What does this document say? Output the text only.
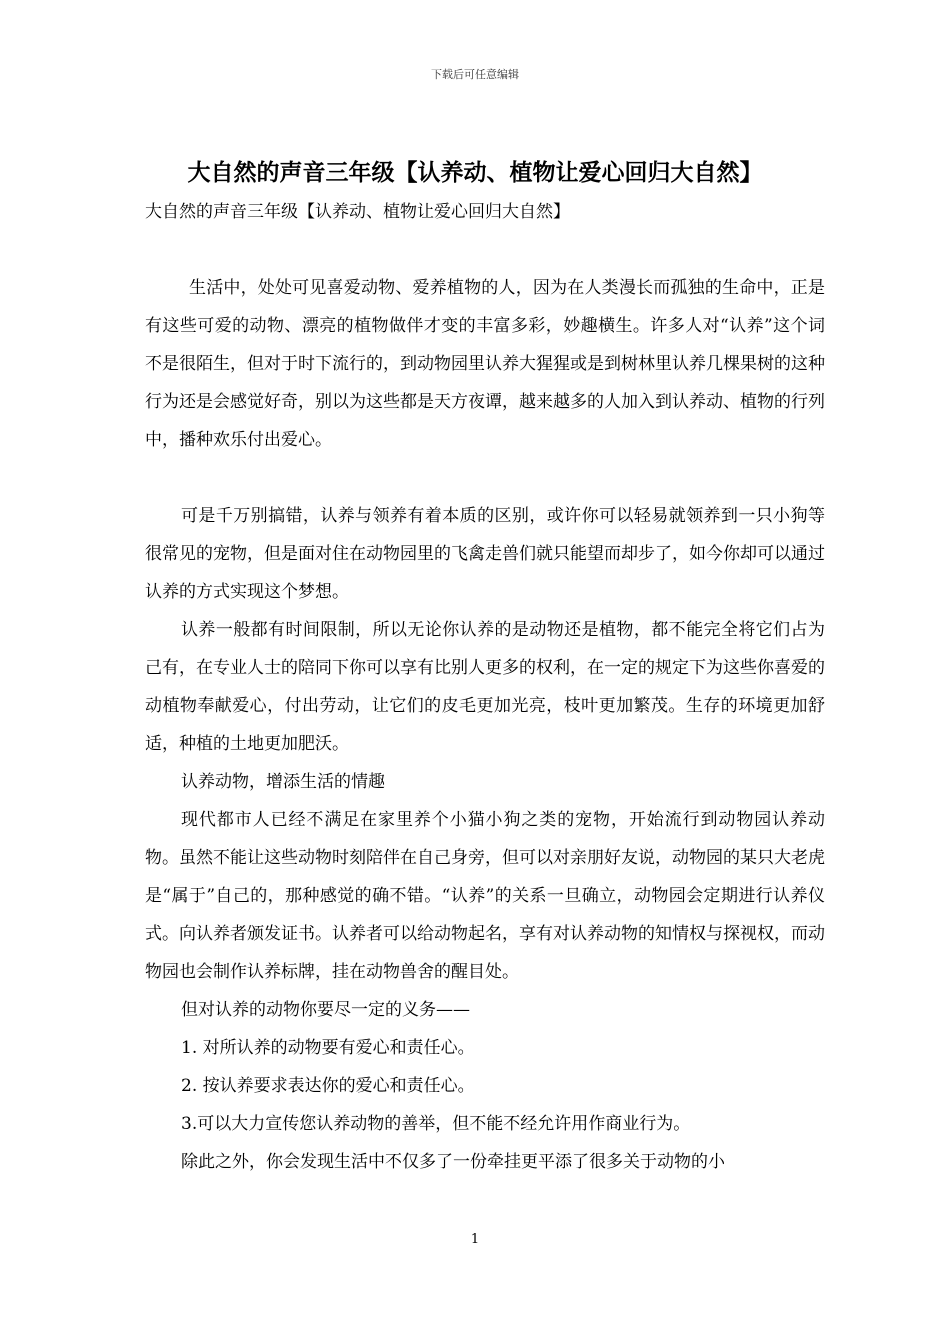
下载后可任意编辑
大自然的声音三年级【认养动、植物让爱心回归大自然】

大自然的声音三年级【认养动、植物让爱心回归大自然】

生活中，处处可见喜爱动物、爱养植物的人，因为在人类漫长而孤独的生命中，正是有这些可爱的动物、漂亮的植物做伴才变的丰富多彩，妙趣横生。许多人对“认养”这个词不是很陌生，但对于时下流行的，到动物园里认养大猩猩或是到树林里认养几棵果树的这种行为还是会感觉好奇，别以为这些都是天方夜谭，越来越多的人加入到认养动、植物的行列中，播种欢乐付出爱心。

可是千万别搞错，认养与领养有着本质的区别，或许你可以轻易就领养到一只小狗等很常见的宠物，但是面对住在动物园里的飞禽走兽们就只能望而却步了，如今你却可以通过认养的方式实现这个梦想。

认养一般都有时间限制，所以无论你认养的是动物还是植物，都不能完全将它们占为己有，在专业人士的陪同下你可以享有比别人更多的权利，在一定的规定下为这些你喜爱的动植物奉献爱心，付出劳动，让它们的皮毛更加光亮，枝叶更加繁茂。生存的环境更加舒适，种植的土地更加肥沃。

认养动物，增添生活的情趣

现代都市人已经不满足在家里养个小猫小狗之类的宠物，开始流行到动物园认养动物。虽然不能让这些动物时刻陪伴在自己身旁，但可以对亲朋好友说，动物园的某只大老虎是“属于”自己的，那种感觉的确不错。“认养”的关系一旦确立，动物园会定期进行认养仪式。向认养者颁发证书。认养者可以给动物起名，享有对认养动物的知情权与探视权，而动物园也会制作认养标牌，挂在动物兽舍的醒目处。

但对认养的动物你要尽一定的义务——

1. 对所认养的动物要有爱心和责任心。

2. 按认养要求表达你的爱心和责任心。

3.可以大力宣传您认养动物的善举，但不能不经允许用作商业行为。

除此之外，你会发现生活中不仅多了一份牵挂更平添了很多关于动物的小

1
